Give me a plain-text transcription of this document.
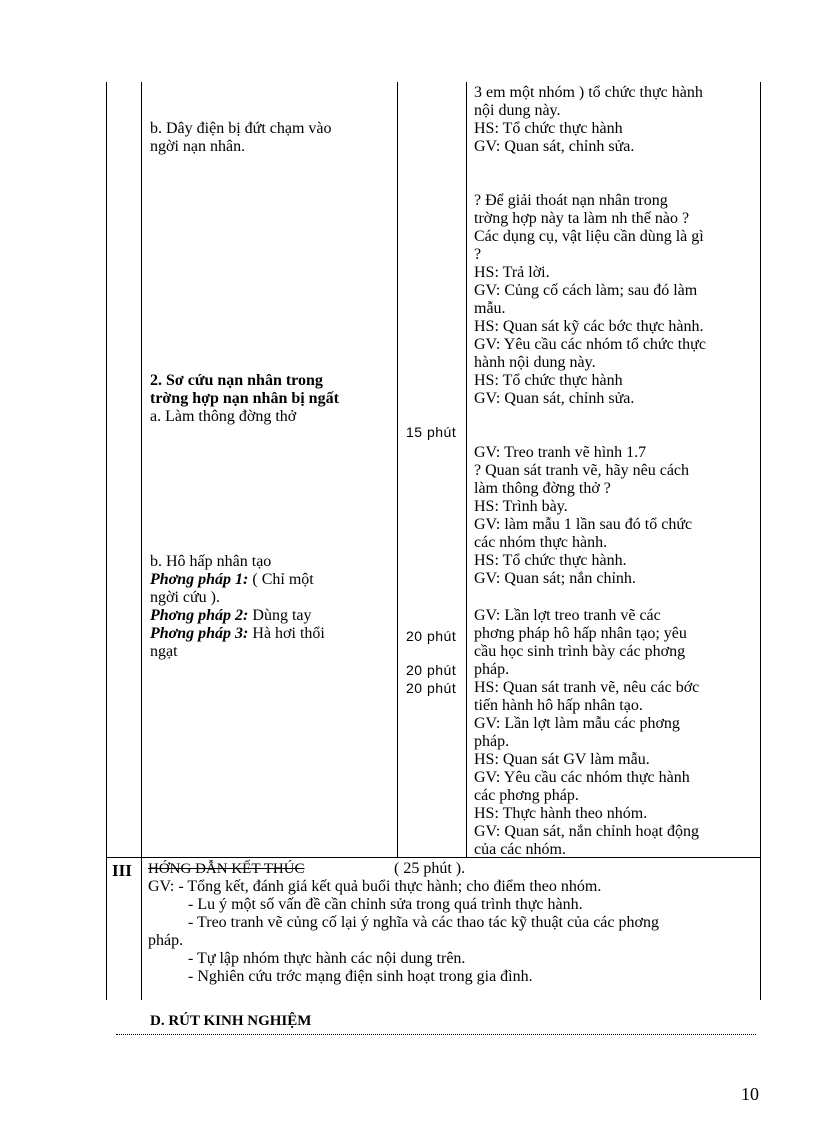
b. Dây điện bị đứt chạm vào
ngời nạn nhân.
2. Sơ cứu nạn nhân trong
trờng hợp nạn nhân bị ngất
a. Làm thông đờng thở
b. Hô hấp nhân tạo
Phơng pháp 1: ( Chỉ một
ngời cứu ).
Phơng pháp 2: Dùng tay
Phơng pháp 3: Hà hơi thổi
ngạt
15 phút
20 phút
20 phút
20 phút
3 em một nhóm ) tổ chức thực hành
nội dung này.
HS: Tổ chức thực hành
GV: Quan sát, chỉnh sửa.
? Để giải thoát nạn nhân trong
trờng hợp này ta làm nh thế nào ?
Các dụng cụ, vật liệu cần dùng là gì
?
HS: Trả lời.
GV: Củng cố cách làm; sau đó làm
mẫu.
HS: Quan sát kỹ các bớc thực hành.
GV: Yêu cầu các nhóm tổ chức thực
hành nội dung này.
HS: Tổ chức thực hành
GV: Quan sát, chỉnh sửa.
GV: Treo tranh vẽ hình 1.7
? Quan sát tranh vẽ, hãy nêu cách
làm thông đờng thở ?
HS: Trình bày.
GV: làm mẫu 1 lần sau đó tổ chức
các nhóm thực hành.
HS: Tổ chức thực hành.
GV: Quan sát; nắn chỉnh.
GV: Lần lợt treo tranh vẽ các
phơng pháp hô hấp nhân tạo; yêu
cầu học sinh trình bày các phơng
pháp.
HS: Quan sát tranh vẽ, nêu các bớc
tiến hành hô hấp nhân tạo.
GV: Lần lợt làm mẫu các phơng
pháp.
HS: Quan sát GV làm mẫu.
GV: Yêu cầu các nhóm thực hành
các phơng pháp.
HS: Thực hành theo nhóm.
GV: Quan sát, nắn chỉnh hoạt động
của các nhóm.
III HỚNG DẪN KẾT THÚC	( 25 phút ).
GV: - Tổng kết, đánh giá kết quả buổi thực hành; cho điểm theo nhóm.
- Lu ý một số vấn đề cần chỉnh sửa trong quá trình thực hành.
- Treo tranh vẽ củng cố lại ý nghĩa và các thao tác kỹ thuật của các phơng
pháp.
- Tự lập nhóm thực hành các nội dung trên.
- Nghiên cứu trớc mạng điện sinh hoạt trong gia đình.
D. RÚT KINH NGHIỆM
10
